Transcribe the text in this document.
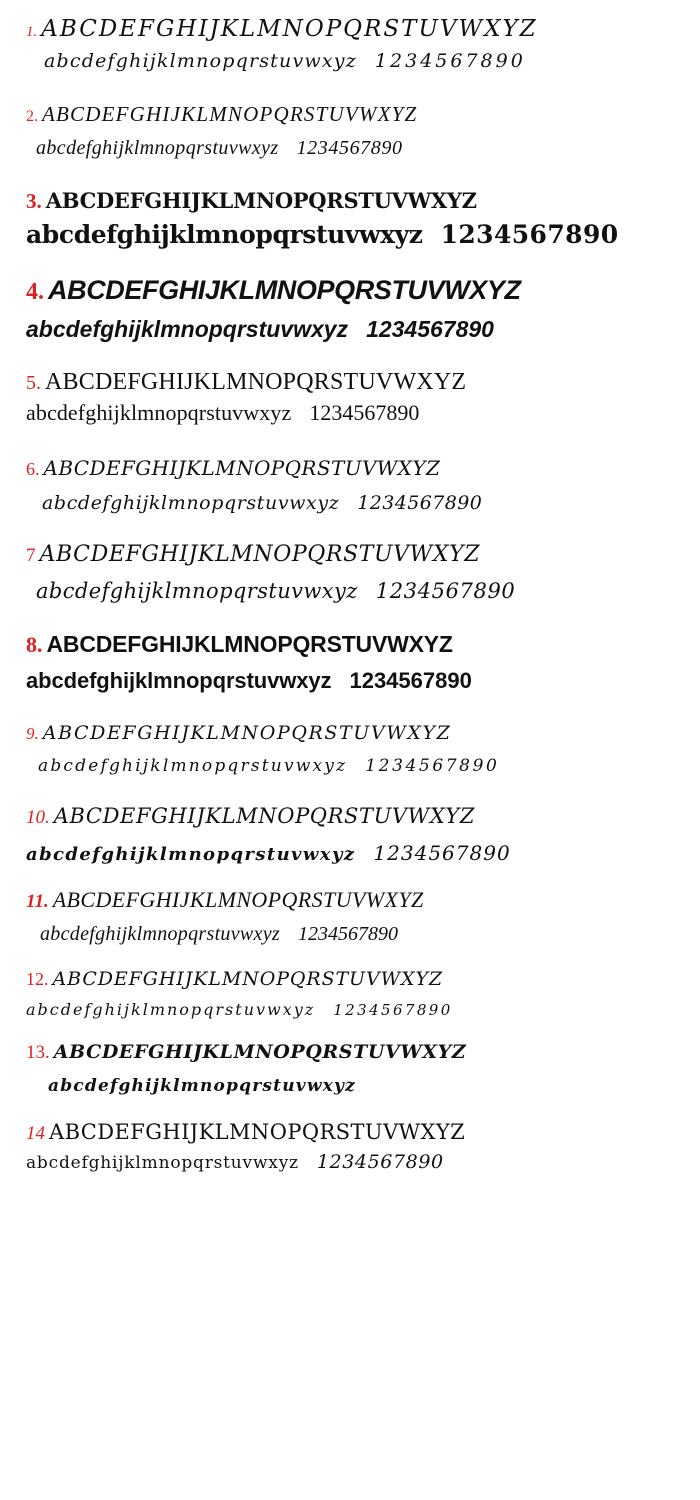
1. ABCDEFGHIJKLMNOPQRSTUVWXYZ
abcdefghijklmnopqrstuvwxyz 1234567890
2. ABCDEFGHIJKLMNOPQRSTUVWXYZ
abcdefghijklmnopqrstuvwxyz 1234567890
3. ABCDEFGHIJKLMNOPQRSTUVWXYZ
abcdefghijklmnopqrstuvwxyz 1234567890
4. ABCDEFGHIJKLMNOPQRSTUVWXYZ
abcdefghijklmnopqrstuvwxyz 1234567890
5. ABCDEFGHIJKLMNOPQRSTUVWXYZ
abcdefghijklmnopqrstuvwxyz 1234567890
6. ABCDEFGHIJKLMNOPQRSTUVWXYZ
abcdefghijklmnopqrstuvwxyz 1234567890
7 ABCDEFGHIJKLMNOPQRSTUVWXYZ
abcdefghijklmnopqrstuvwxyz 1234567890
8. ABCDEFGHIJKLMNOPQRSTUVWXYZ
abcdefghijklmnopqrstuvwxyz 1234567890
9. ABCDEFGHIJKLMNOPQRSTUVWXYZ
abcdefghijklmnopqrstuvwxyz 1234567890
10. ABCDEFGHIJKLMNOPQRSTUVWXYZ
abcdefghijklmnopqrstuvwxyz 1234567890
11. ABCDEFGHIJKLMNOPQRSTUVWXYZ
abcdefghijklmnopqrstuvwxyz 1234567890
12. ABCDEFGHIJKLMNOPQRSTUVWXYZ
abcdefghijklmnopqrstuvwxyz 1234567890
13. ABCDEFGHIJKLMNOPQRSTUVWXYZ
abcdefghijklmnopqrstuvwxyz
14 ABCDEFGHIJKLMNOPQRSTUVWXYZ
abcdefghijklmnopqrstuvwxyz 1234567890
